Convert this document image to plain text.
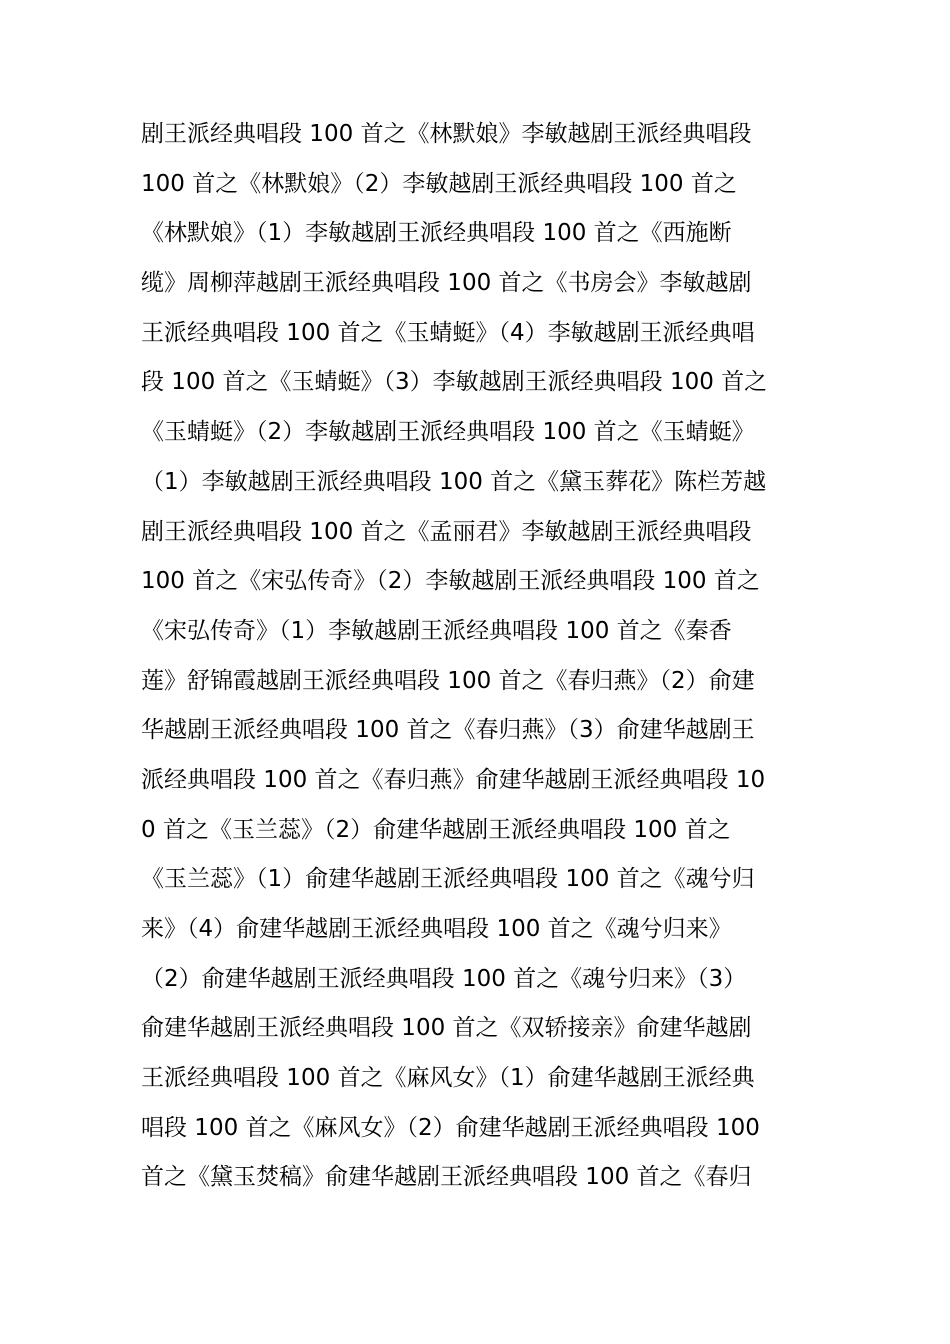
剧王派经典唱段 100 首之《林默娘》李敏越剧王派经典唱段
100 首之《林默娘》（2）李敏越剧王派经典唱段 100 首之
《林默娘》（1）李敏越剧王派经典唱段 100 首之《西施断
缆》周柳萍越剧王派经典唱段 100 首之《书房会》李敏越剧
王派经典唱段 100 首之《玉蜻蜓》（4）李敏越剧王派经典唱
段 100 首之《玉蜻蜓》（3）李敏越剧王派经典唱段 100 首之
《玉蜻蜓》（2）李敏越剧王派经典唱段 100 首之《玉蜻蜓》
（1）李敏越剧王派经典唱段 100 首之《黛玉葬花》陈栏芳越
剧王派经典唱段 100 首之《孟丽君》李敏越剧王派经典唱段
100 首之《宋弘传奇》（2）李敏越剧王派经典唱段 100 首之
《宋弘传奇》（1）李敏越剧王派经典唱段 100 首之《秦香
莲》舒锦霞越剧王派经典唱段 100 首之《春归燕》（2）俞建
华越剧王派经典唱段 100 首之《春归燕》（3）俞建华越剧王
派经典唱段 100 首之《春归燕》俞建华越剧王派经典唱段 10
0 首之《玉兰蕊》（2）俞建华越剧王派经典唱段 100 首之
《玉兰蕊》（1）俞建华越剧王派经典唱段 100 首之《魂兮归
来》（4）俞建华越剧王派经典唱段 100 首之《魂兮归来》
（2）俞建华越剧王派经典唱段 100 首之《魂兮归来》（3）
俞建华越剧王派经典唱段 100 首之《双轿接亲》俞建华越剧
王派经典唱段 100 首之《麻风女》（1）俞建华越剧王派经典
唱段 100 首之《麻风女》（2）俞建华越剧王派经典唱段 100
首之《黛玉焚稿》俞建华越剧王派经典唱段 100 首之《春归
